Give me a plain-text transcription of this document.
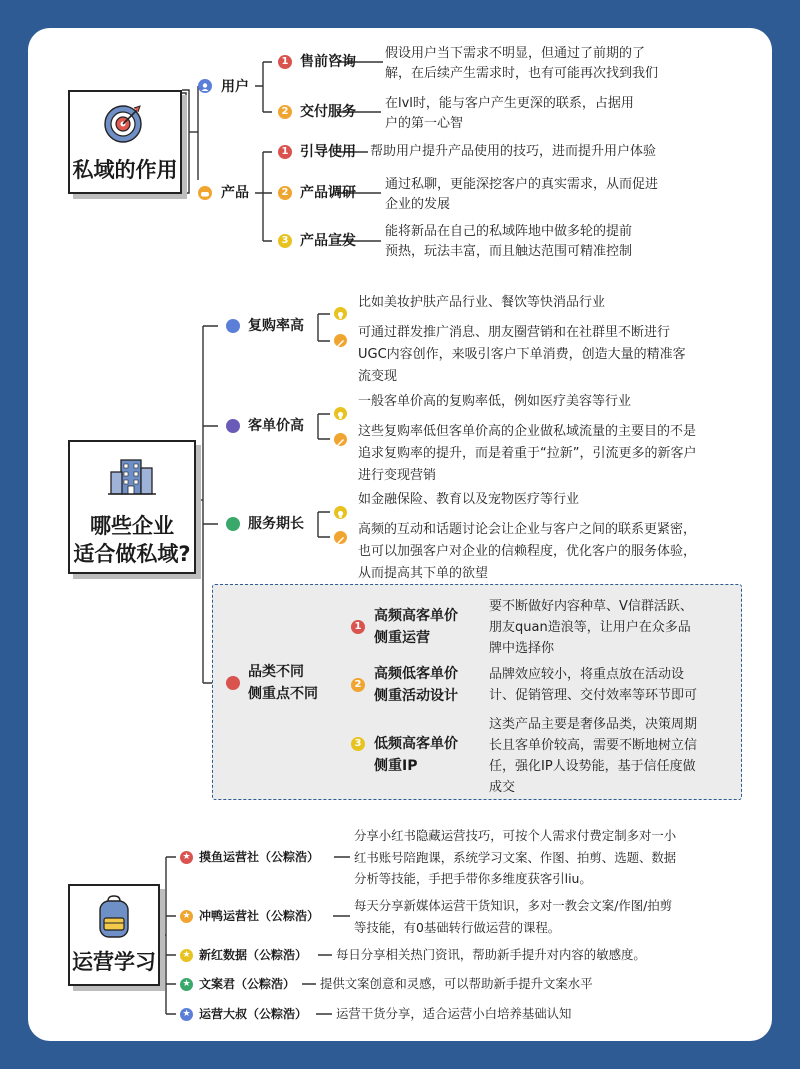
私域的作用
用户
产品
1 售前咨询
假设用户当下需求不明显，但通过了前期的了
解，在后续产生需求时，也有可能再次找到我们
2 交付服务
在lvl时，能与客户产生更深的联系，占据用
户的第一心智
1 引导使用 帮助用户提升产品使用的技巧，进而提升用户体验
2 产品调研
通过私聊，更能深挖客户的真实需求，从而促进
企业的发展
3 产品宣发
能将新品在自己的私域阵地中做多轮的提前
预热，玩法丰富，而且触达范围可精准控制
哪些企业
适合做私域?
复购率高
比如美妆护肤产品行业、餐饮等快消品行业
可通过群发推广消息、朋友圈营销和在社群里不断进行
UGC内容创作，来吸引客户下单消费，创造大量的精准客
流变现
客单价高
一般客单价高的复购率低，例如医疗美容等行业
这些复购率低但客单价高的企业做私域流量的主要目的不是
追求复购率的提升，而是着重于“拉新”，引流更多的新客户
进行变现营销
服务期长
如金融保险、教育以及宠物医疗等行业
高频的互动和话题讨论会让企业与客户之间的联系更紧密，
也可以加强客户对企业的信赖程度，优化客户的服务体验，
从而提高其下单的欲望
品类不同
侧重点不同
1
高频高客单价
侧重运营
要不断做好内容种草、V信群活跃、
朋友quan造浪等，让用户在众多品
牌中选择你
2
高频低客单价
侧重活动设计
品牌效应较小，将重点放在活动设
计、促销管理、交付效率等环节即可
3 低频高客单价
侧重IP
这类产品主要是奢侈品类，决策周期
长且客单价较高，需要不断地树立信
任，强化IP人设势能，基于信任度做
成交
运营学习
★ 摸鱼运营社（公粽浩）
分享小红书隐藏运营技巧，可按个人需求付费定制多对一小
红书账号陪跑课，系统学习文案、作图、拍剪、选题、数据
分析等技能，手把手带你多维度获客引liu。
★ 冲鸭运营社（公粽浩）
每天分享新媒体运营干货知识，多对一教会文案/作图/拍剪
等技能，有0基础转行做运营的课程。
★ 新红数据（公粽浩） 每日分享相关热门资讯，帮助新手提升对内容的敏感度。
★ 文案君（公粽浩） 提供文案创意和灵感，可以帮助新手提升文案水平
★ 运营大叔（公粽浩） 运营干货分享，适合运营小白培养基础认知
